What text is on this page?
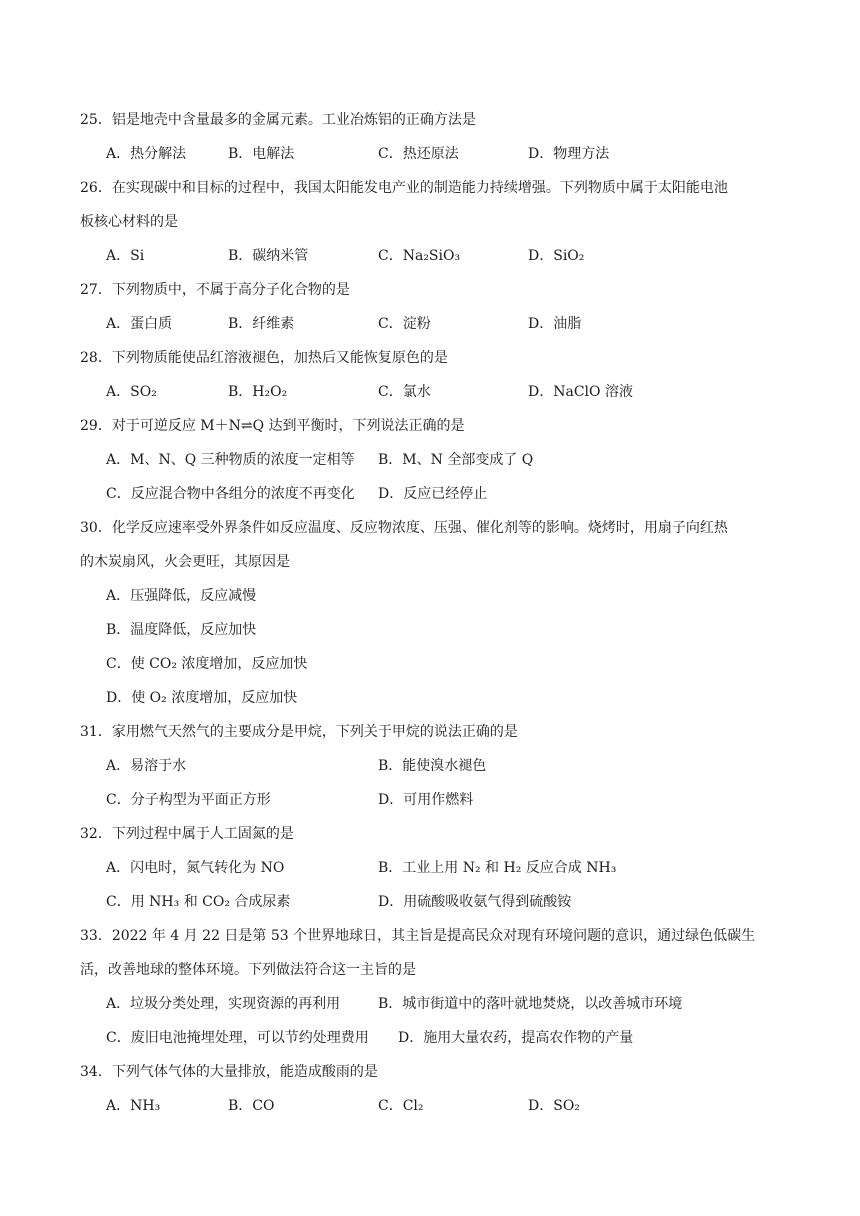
25．铝是地壳中含量最多的金属元素。工业冶炼铝的正确方法是
A．热分解法	B．电解法	C．热还原法	D．物理方法
26．在实现碳中和目标的过程中，我国太阳能发电产业的制造能力持续增强。下列物质中属于太阳能电池
板核心材料的是
A．Si	B．碳纳米管	C．Na₂SiO₃	D．SiO₂
27．下列物质中，不属于高分子化合物的是
A．蛋白质	B．纤维素	C．淀粉	D．油脂
28．下列物质能使品红溶液褪色，加热后又能恢复原色的是
A．SO₂	B．H₂O₂	C．氯水	D．NaClO 溶液
29．对于可逆反应 M＋N⇌Q 达到平衡时，下列说法正确的是
A．M、N、Q 三种物质的浓度一定相等 B．M、N 全部变成了 Q
C．反应混合物中各组分的浓度不再变化 D．反应已经停止
30．化学反应速率受外界条件如反应温度、反应物浓度、压强、催化剂等的影响。烧烤时，用扇子向红热
的木炭扇风，火会更旺，其原因是
A．压强降低，反应减慢
B．温度降低，反应加快
C．使 CO₂ 浓度增加，反应加快
D．使 O₂ 浓度增加，反应加快
31．家用燃气天然气的主要成分是甲烷，下列关于甲烷的说法正确的是
A．易溶于水	B．能使溴水褪色
C．分子构型为平面正方形	D．可用作燃料
32．下列过程中属于人工固氮的是
A．闪电时，氮气转化为 NO	B．工业上用 N₂ 和 H₂ 反应合成 NH₃
C．用 NH₃ 和 CO₂ 合成尿素	D．用硫酸吸收氨气得到硫酸铵
33．2022 年 4 月 22 日是第 53 个世界地球日，其主旨是提高民众对现有环境问题的意识，通过绿色低碳生
活，改善地球的整体环境。下列做法符合这一主旨的是
A．垃圾分类处理，实现资源的再利用	B．城市街道中的落叶就地焚烧，以改善城市环境
C．废旧电池掩埋处理，可以节约处理费用 D．施用大量农药，提高农作物的产量
34．下列气体气体的大量排放，能造成酸雨的是
A．NH₃	B．CO	C．Cl₂	D．SO₂
